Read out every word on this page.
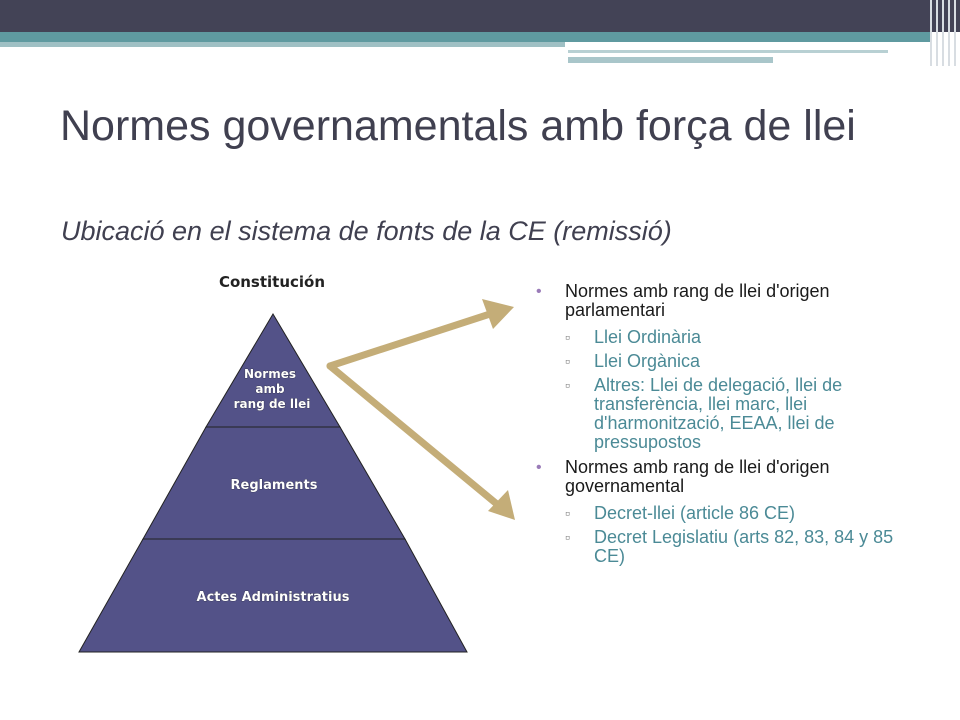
Normes governamentals amb força de llei
Ubicació en el sistema de fonts de la CE (remissió)
Constitución
Normes
amb
rang de llei
Reglaments
Actes Administratius
• Normes amb rang de llei d'origen parlamentari
▫ Llei Ordinària
▫ Llei Orgànica
▫ Altres: Llei de delegació, llei de transferència, llei marc, llei d'harmonització, EEAA, llei de pressupostos
• Normes amb rang de llei d'origen governamental
▫ Decret-llei (article 86 CE)
▫ Decret Legislatiu (arts 82, 83, 84 y 85 CE)
